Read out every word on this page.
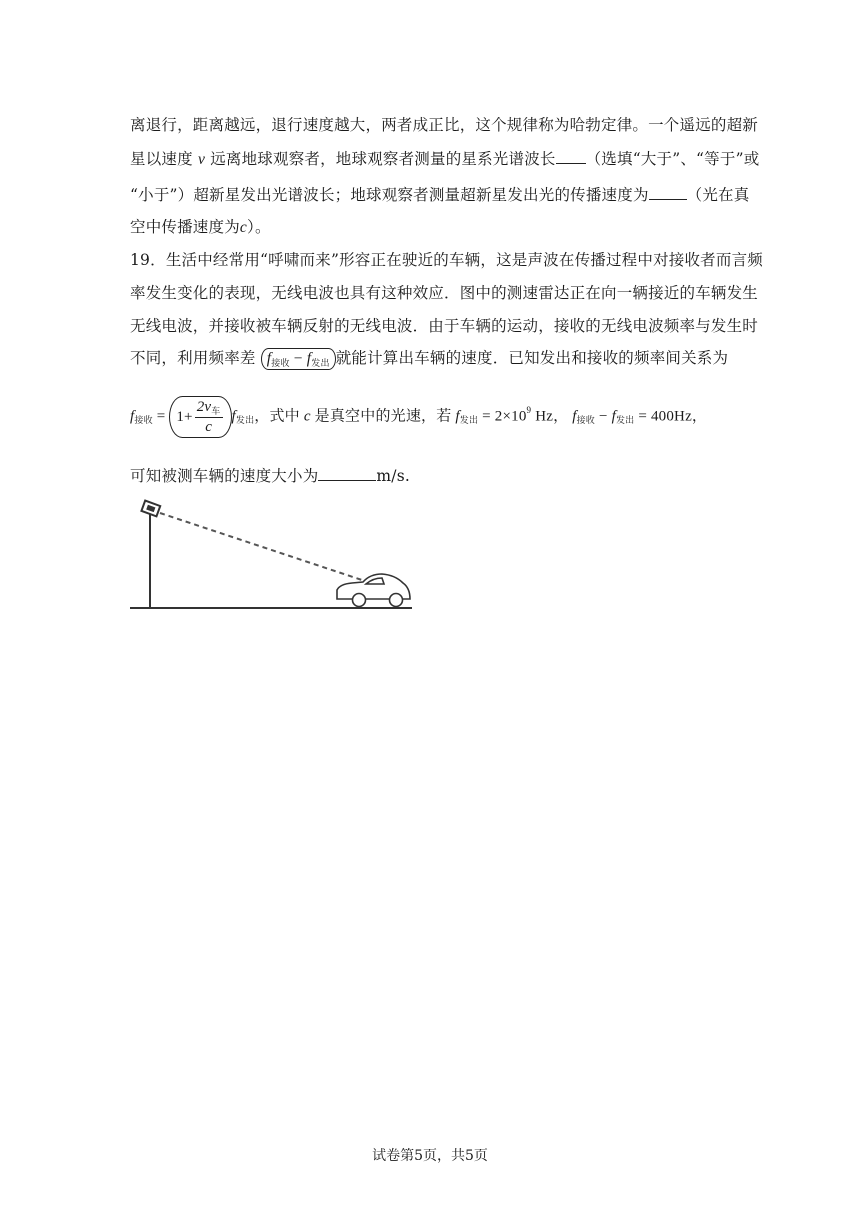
离退行，距离越远，退行速度越大，两者成正比，这个规律称为哈勃定律。一个遥远的超新
星以速度 v 远离地球观察者，地球观察者测量的星系光谱波长 （选填“大于”、“等于”或
“小于”）超新星发出光谱波长；地球观察者测量超新星发出光的传播速度为 （光在真
空中传播速度为c）。
19．生活中经常用“呼啸而来”形容正在驶近的车辆，这是声波在传播过程中对接收者而言频
率发生变化的表现，无线电波也具有这种效应．图中的测速雷达正在向一辆接近的车辆发生
无线电波，并接收被车辆反射的无线电波．由于车辆的运动，接收的无线电波频率与发生时
不同，利用频率差 f接收 − f发出 就能计算出车辆的速度．已知发出和接收的频率间关系为
$f_{接收} = 1+ \frac{2v_车}{c} f_{发出}$，式中 c 是真空中的光速，若 $f_{发出} = 2\times 10^9$ Hz， $f_{接收} - f_{发出} = 400Hz$，
可知被测车辆的速度大小为	m/s.
试卷第5页，共5页
